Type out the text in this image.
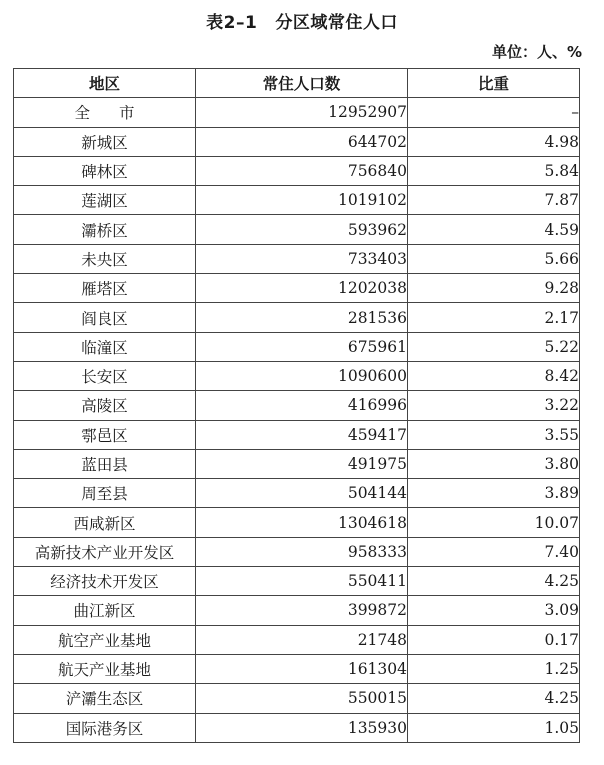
表2–1 分区域常住人口
单位：人、%
地区	常住人口数	比重
全 市	12952907	–
新城区	644702	4.98
碑林区	756840	5.84
莲湖区	1019102	7.87
灞桥区	593962	4.59
未央区	733403	5.66
雁塔区	1202038	9.28
阎良区	281536	2.17
临潼区	675961	5.22
长安区	1090600	8.42
高陵区	416996	3.22
鄠邑区	459417	3.55
蓝田县	491975	3.80
周至县	504144	3.89
西咸新区	1304618	10.07
高新技术产业开发区	958333	7.40
经济技术开发区	550411	4.25
曲江新区	399872	3.09
航空产业基地	21748	0.17
航天产业基地	161304	1.25
浐灞生态区	550015	4.25
国际港务区	135930	1.05
